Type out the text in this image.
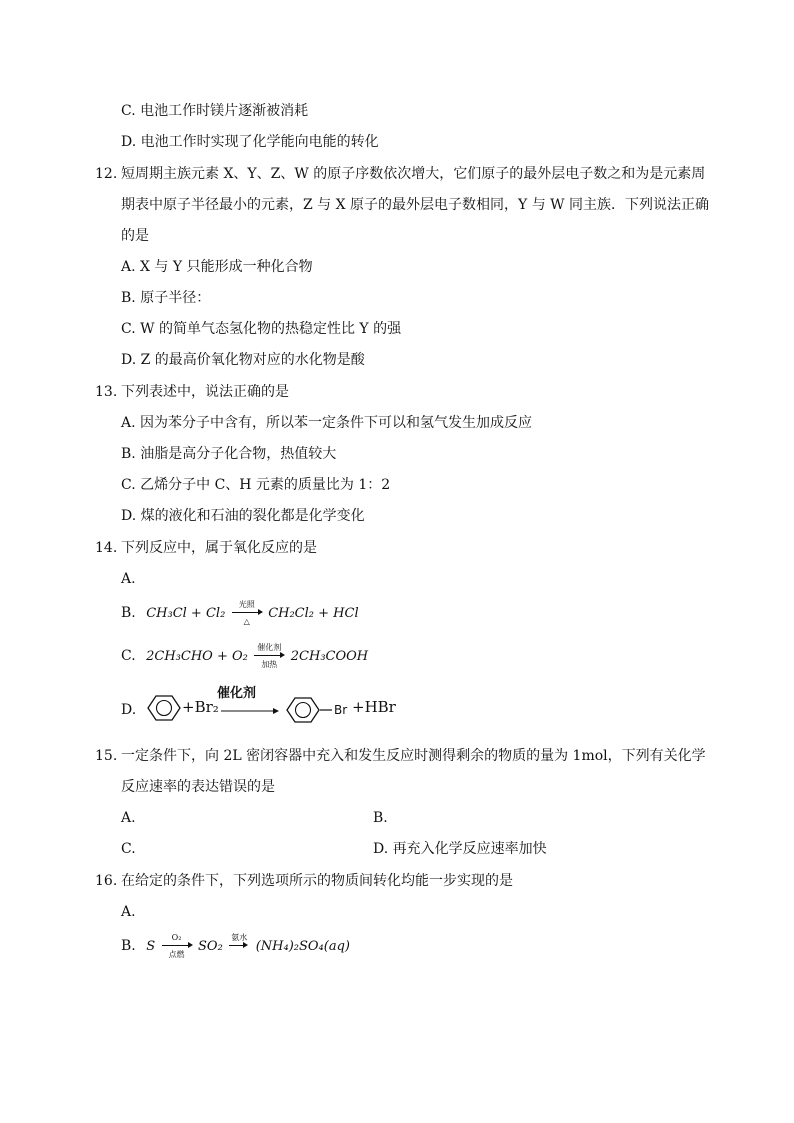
C. 电池工作时镁片逐渐被消耗
D. 电池工作时实现了化学能向电能的转化
12. 短周期主族元素 X、Y、Z、W 的原子序数依次增大，它们原子的最外层电子数之和为是元素周
期表中原子半径最小的元素，Z 与 X 原子的最外层电子数相同，Y 与 W 同主族．下列说法正确
的是
A. X 与 Y 只能形成一种化合物
B. 原子半径：
C. W 的简单气态氢化物的热稳定性比 Y 的强
D. Z 的最高价氧化物对应的水化物是酸
13. 下列表述中，说法正确的是
A. 因为苯分子中含有，所以苯一定条件下可以和氢气发生加成反应
B. 油脂是高分子化合物，热值较大
C. 乙烯分子中 C、H 元素的质量比为 1：2
D. 煤的液化和石油的裂化都是化学变化
14. 下列反应中，属于氧化反应的是
A.
B. CH₃Cl + Cl₂
光照
△
CH₂Cl₂ + HCl
C. 2CH₃CHO + O₂
催化剂
加热
2CH₃COOH
D.	+Br₂
催化剂
Br +HBr
15. 一定条件下，向 2L 密闭容器中充入和发生反应时测得剩余的物质的量为 1mol，下列有关化学
反应速率的表达错误的是
A.	B.
C.	D. 再充入化学反应速率加快
16. 在给定的条件下，下列选项所示的物质间转化均能一步实现的是
A.
B. S
O₂
点燃
SO₂
氨水
(NH₄)₂SO₄(aq)
